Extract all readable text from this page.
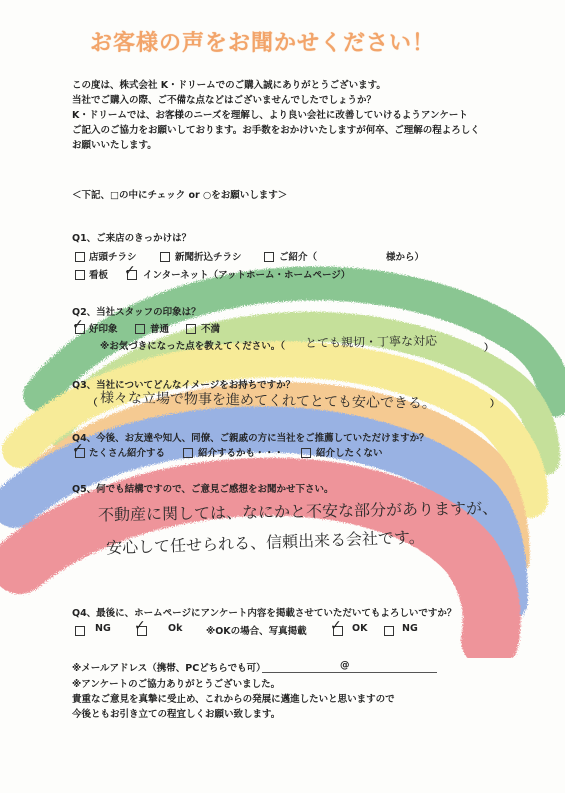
お客様の声をお聞かせください！
この度は、株式会社 K・ドリームでのご購入誠にありがとうございます。
当社でご購入の際、ご不備な点などはございませんでしたでしょうか？
K・ドリームでは、お客様のニーズを理解し、より良い会社に改善していけるようアンケート
ご記入のご協力をお願いしております。お手数をおかけいたしますが何卒、ご理解の程よろしく
お願いいたします。
＜下記、□の中にチェック or ○をお願いします＞
Q1、ご来店のきっかけは？
店頭チラシ	新聞折込チラシ	ご紹介（	様から）
看板 ✓ インターネット（アットホーム・ホームページ）
Q2、当社スタッフの印象は？
✓ 好印象	普通	不満
※お気づきになった点を教えてください。（ とても親切・丁寧な対応	）
Q3、当社についてどんなイメージをお持ちですか？
（ 様々な立場で物事を進めてくれてとても安心できる。	）
Q4、今後、お友達や知人、同僚、ご親戚の方に当社をご推薦していただけますか？
✓ たくさん紹介する	紹介するかも・・・	紹介したくない
Q5、何でも結構ですので、ご意見ご感想をお聞かせ下さい。
不動産に関しては、なにかと不安な部分がありますが、
安心して任せられる、信頼出来る会社です。
Q4、最後に、ホームページにアンケート内容を掲載させていただいてもよろしいですか？
NG ✓ Ok ※OKの場合、写真掲載 ✓ OK	NG
※メールアドレス（携帯、PCどちらでも可）	@
※アンケートのご協力ありがとうございました。
貴重なご意見を真摯に受止め、これからの発展に邁進したいと思いますので
今後ともお引き立ての程宜しくお願い致します。
